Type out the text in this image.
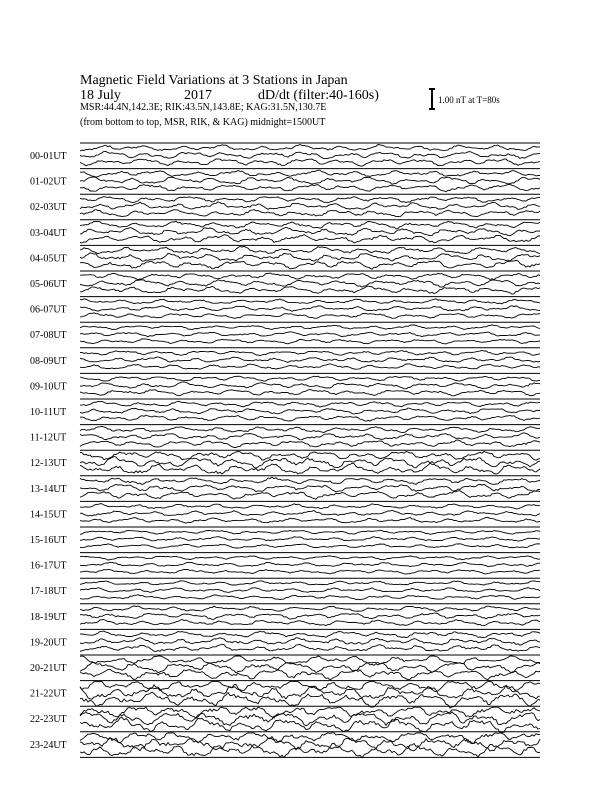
Magnetic Field Variations at 3 Stations in Japan
18 July	2017	dD/dt (filter:40-160s)
MSR:44.4N,142.3E; RIK:43.5N,143.8E; KAG:31.5N,130.7E
(from bottom to top, MSR, RIK, & KAG) midnight=1500UT
1.00 nT at T=80s
00-01UT
01-02UT
02-03UT
03-04UT
04-05UT
05-06UT
06-07UT
07-08UT
08-09UT
09-10UT
10-11UT
11-12UT
12-13UT
13-14UT
14-15UT
15-16UT
16-17UT
17-18UT
18-19UT
19-20UT
20-21UT
21-22UT
22-23UT
23-24UT
